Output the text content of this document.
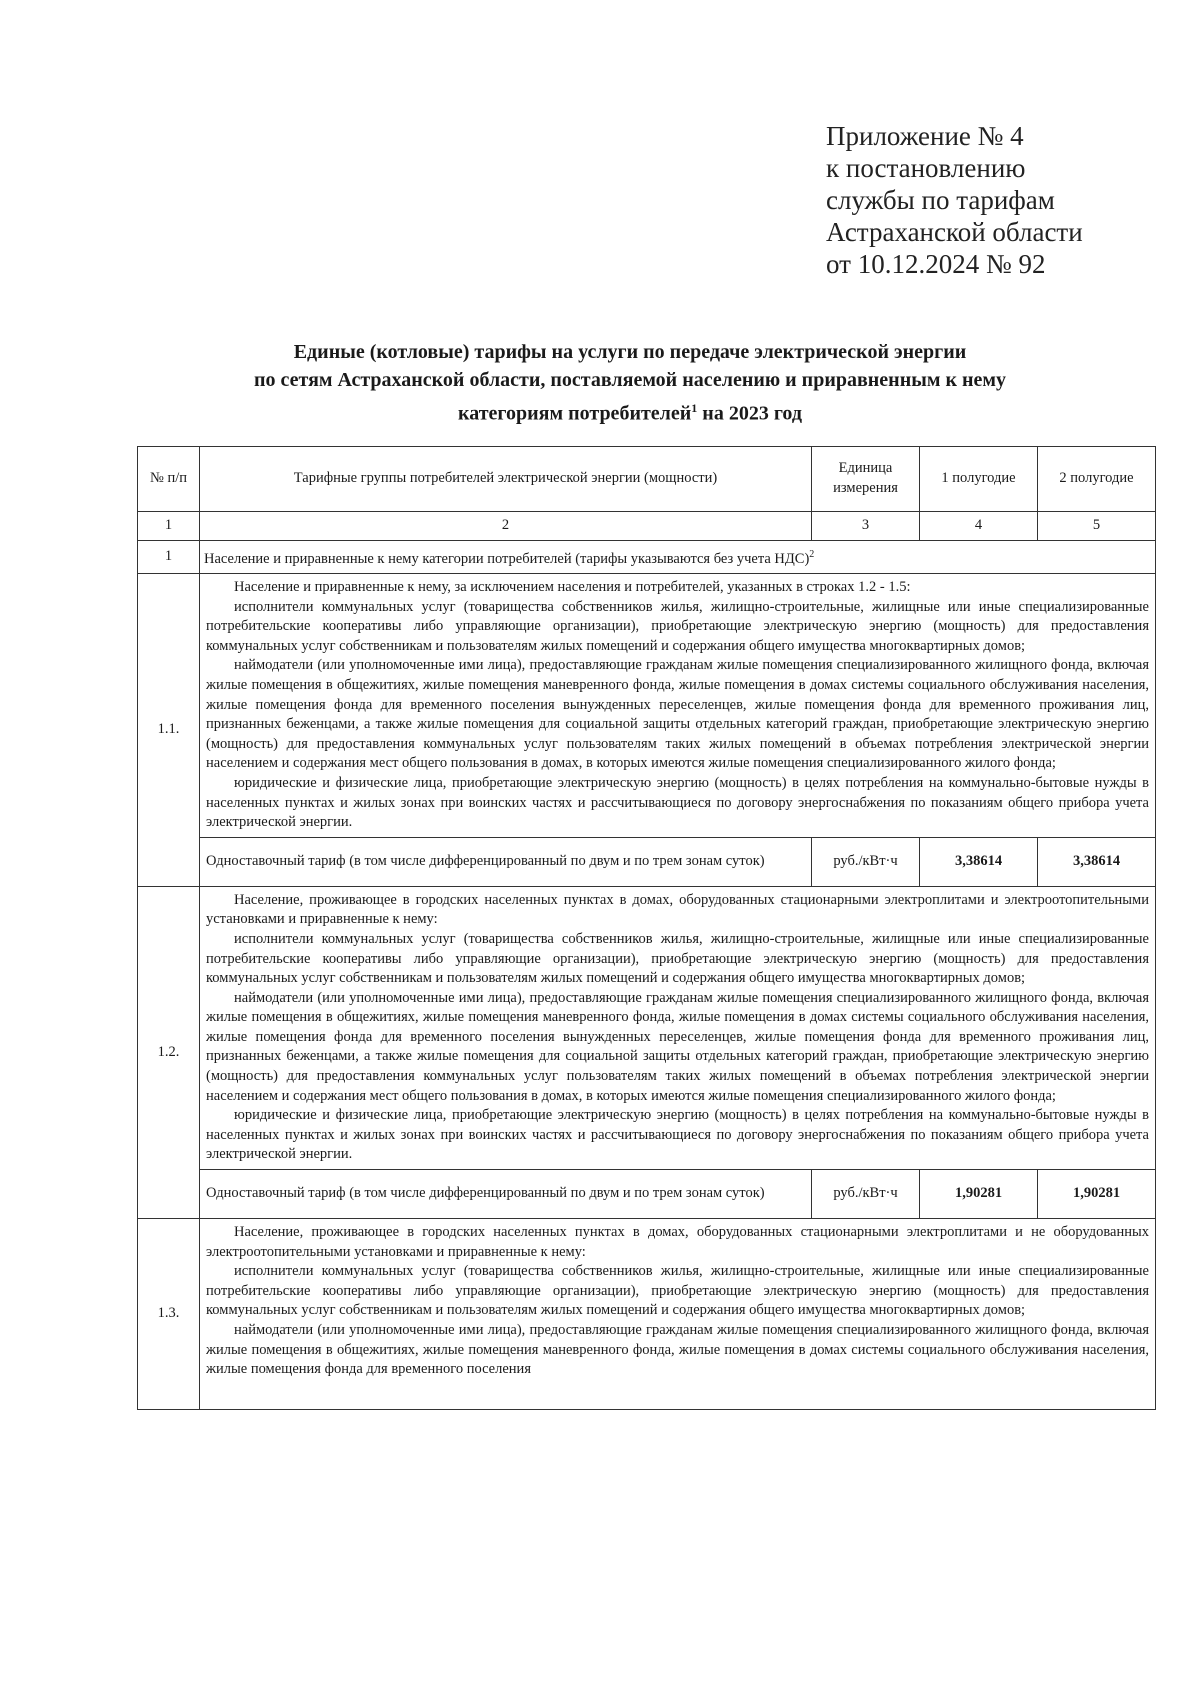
Приложение № 4
к постановлению
службы по тарифам
Астраханской области
от 10.12.2024 № 92
Единые (котловые) тарифы на услуги по передаче электрической энергии
по сетям Астраханской области, поставляемой населению и приравненным к нему
категориям потребителей$^1$ на 2023 год
№ п/п	Тарифные группы потребителей электрической энергии (мощности)	Единица измерения	1 полугодие	2 полугодие
1	2	3	4	5
1	Население и приравненные к нему категории потребителей (тарифы указываются без учета НДС)$^2$
1.1.	Население и приравненные к нему, за исключением населения и потребителей, указанных в строках 1.2 - 1.5:

исполнители коммунальных услуг (товарищества собственников жилья, жилищно-строительные, жилищные или иные специализированные потребительские кооперативы либо управляющие организации), приобретающие электрическую энергию (мощность) для предоставления коммунальных услуг собственникам и пользователям жилых помещений и содержания общего имущества многоквартирных домов;

наймодатели (или уполномоченные ими лица), предоставляющие гражданам жилые помещения специализированного жилищного фонда, включая жилые помещения в общежитиях, жилые помещения маневренного фонда, жилые помещения в домах системы социального обслуживания населения, жилые помещения фонда для временного поселения вынужденных переселенцев, жилые помещения фонда для временного проживания лиц, признанных беженцами, а также жилые помещения для социальной защиты отдельных категорий граждан, приобретающие электрическую энергию (мощность) для предоставления коммунальных услуг пользователям таких жилых помещений в объемах потребления электрической энергии населением и содержания мест общего пользования в домах, в которых имеются жилые помещения специализированного жилого фонда;

юридические и физические лица, приобретающие электрическую энергию (мощность) в целях потребления на коммунально-бытовые нужды в населенных пунктах и жилых зонах при воинских частях и рассчитывающиеся по договору энергоснабжения по показаниям общего прибора учета электрической энергии.			

	Одноставочный тариф (в том числе дифференцированный по двум и по трем зонам суток)	руб./кВт·ч	3,38614	3,38614
1.2.	Население, проживающее в городских населенных пунктах в домах, оборудованных стационарными электроплитами и электроотопительными установками и приравненные к нему:

исполнители коммунальных услуг (товарищества собственников жилья, жилищно-строительные, жилищные или иные специализированные потребительские кооперативы либо управляющие организации), приобретающие электрическую энергию (мощность) для предоставления коммунальных услуг собственникам и пользователям жилых помещений и содержания общего имущества многоквартирных домов;

наймодатели (или уполномоченные ими лица), предоставляющие гражданам жилые помещения специализированного жилищного фонда, включая жилые помещения в общежитиях, жилые помещения маневренного фонда, жилые помещения в домах системы социального обслуживания населения, жилые помещения фонда для временного поселения вынужденных переселенцев, жилые помещения фонда для временного проживания лиц, признанных беженцами, а также жилые помещения для социальной защиты отдельных категорий граждан, приобретающие электрическую энергию (мощность) для предоставления коммунальных услуг пользователям таких жилых помещений в объемах потребления электрической энергии населением и содержания мест общего пользования в домах, в которых имеются жилые помещения специализированного жилого фонда;

юридические и физические лица, приобретающие электрическую энергию (мощность) в целях потребления на коммунально-бытовые нужды в населенных пунктах и жилых зонах при воинских частях и рассчитывающиеся по договору энергоснабжения по показаниям общего прибора учета электрической энергии.			

	Одноставочный тариф (в том числе дифференцированный по двум и по трем зонам суток)	руб./кВт·ч	1,90281	1,90281
1.3.	Население, проживающее в городских населенных пунктах в домах, оборудованных стационарными электроплитами и не оборудованных электроотопительными установками и приравненные к нему:

исполнители коммунальных услуг (товарищества собственников жилья, жилищно-строительные, жилищные или иные специализированные потребительские кооперативы либо управляющие организации), приобретающие электрическую энергию (мощность) для предоставления коммунальных услуг собственникам и пользователям жилых помещений и содержания общего имущества многоквартирных домов;

наймодатели (или уполномоченные ими лица), предоставляющие гражданам жилые помещения специализированного жилищного фонда, включая жилые помещения в общежитиях, жилые помещения маневренного фонда, жилые помещения в домах системы социального обслуживания населения, жилые помещения фонда для временного поселения			
